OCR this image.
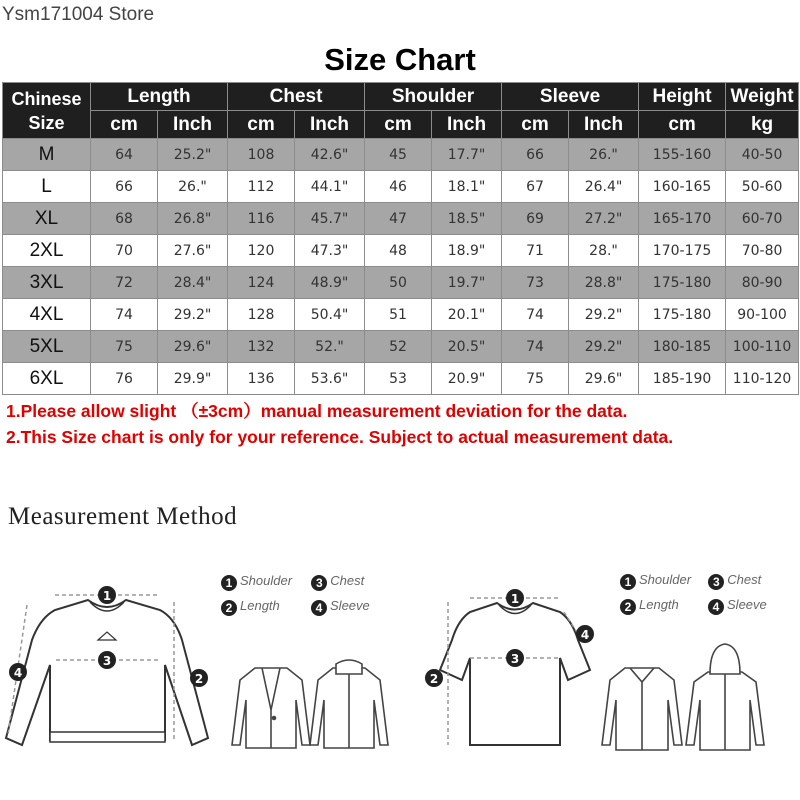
Ysm171004 Store
Size Chart
Chinese
Size	Length		Chest		Shoulder		Sleeve		Height	Weight
	cm	Inch	cm	Inch	cm	Inch	cm	Inch	cm	kg
M	64	25.2"	108	42.6"	45	17.7"	66	26."	155-160	40-50
L	66	26."	112	44.1"	46	18.1"	67	26.4"	160-165	50-60
XL	68	26.8"	116	45.7"	47	18.5"	69	27.2"	165-170	60-70
2XL	70	27.6"	120	47.3"	48	18.9"	71	28."	170-175	70-80
3XL	72	28.4"	124	48.9"	50	19.7"	73	28.8"	175-180	80-90
4XL	74	29.2"	128	50.4"	51	20.1"	74	29.2"	175-180	90-100
5XL	75	29.6"	132	52."	52	20.5"	74	29.2"	180-185	100-110
6XL	76	29.9"	136	53.6"	53	20.9"	75	29.6"	185-190	110-120
1.Please allow slight （±3cm）manual measurement deviation for the data.
2.This Size chart is only for your reference. Subject to actual measurement data.
Measurement Method
1 Shoulder 3 Chest
2 Length	4 Sleeve
1 Shoulder 3 Chest
2 Length	4 Sleeve
1
3
2
4
1
3
2
4
